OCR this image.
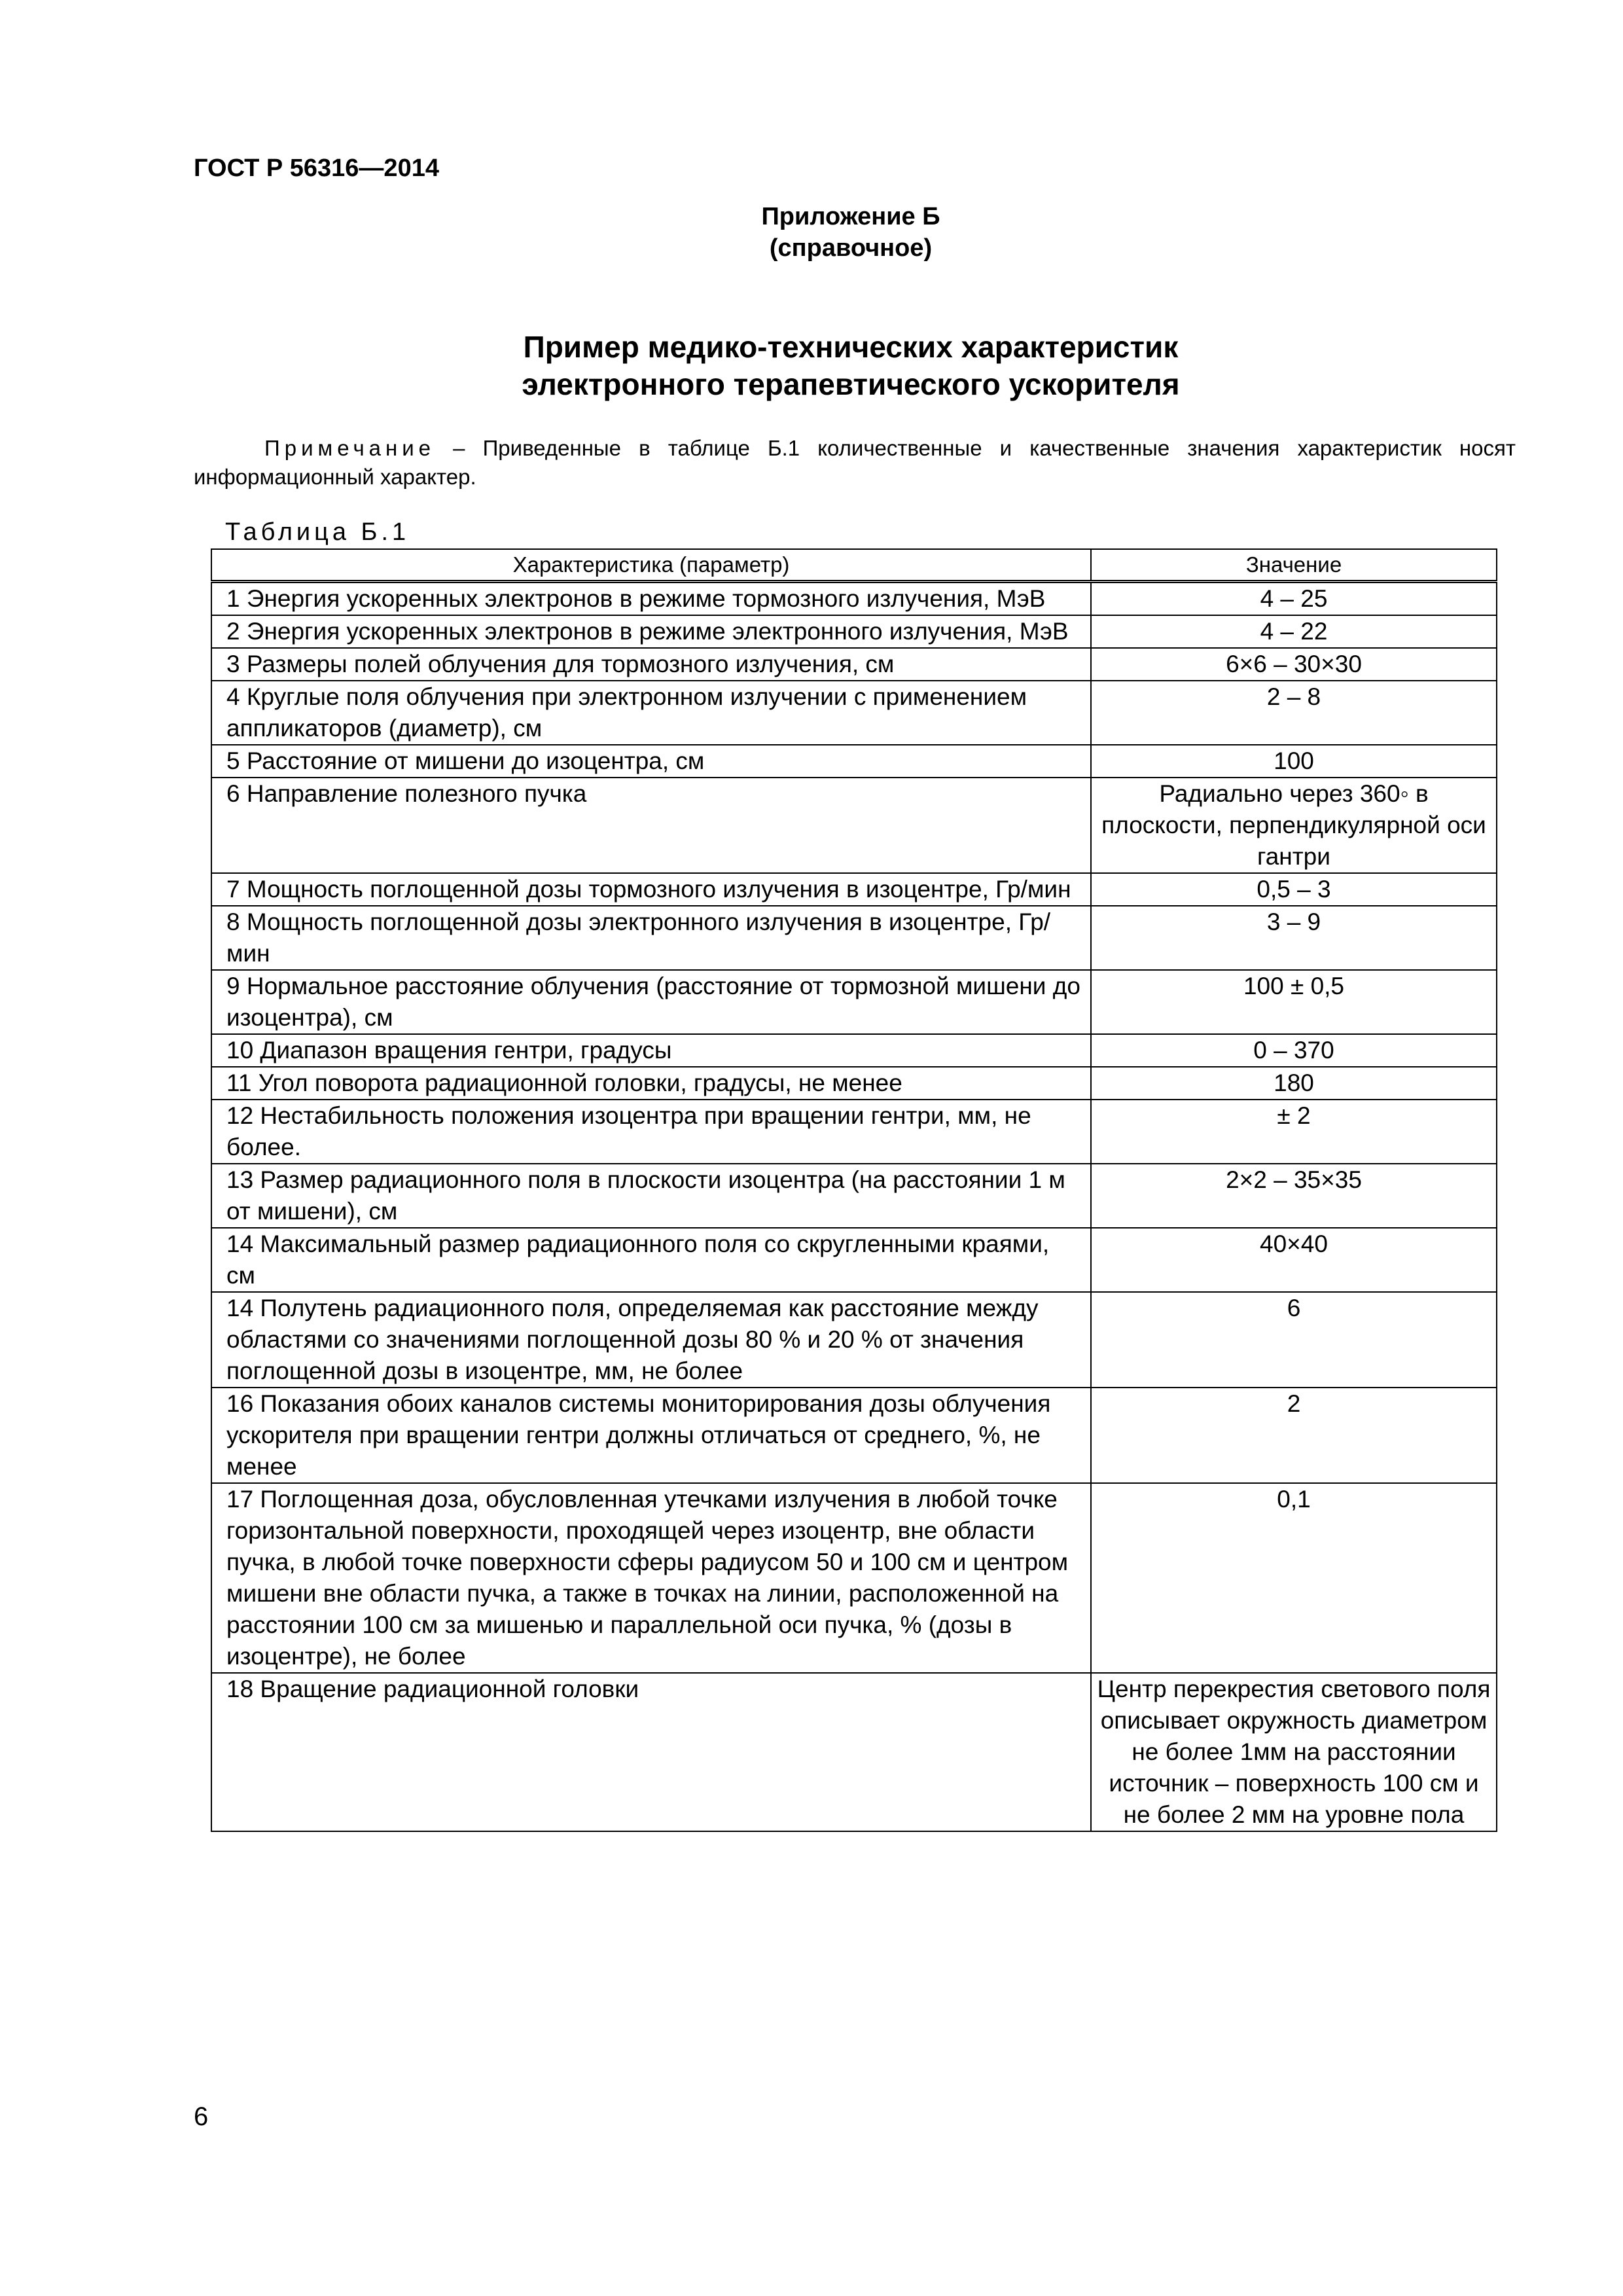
ГОСТ Р 56316—2014
Приложение Б
(справочное)
Пример медико-технических характеристик
электронного терапевтического ускорителя
Примечание – Приведенные в таблице Б.1 количественные и качественные значения характеристик носят информационный характер.
Таблица Б.1
Характеристика (параметр)	Значение
1 Энергия ускоренных электронов в режиме тормозного излучения, МэВ	4 – 25
2 Энергия ускоренных электронов в режиме электронного излучения, МэВ	4 – 22
3 Размеры полей облучения для тормозного излучения, см	6×6 – 30×30
4 Круглые поля облучения при электронном излучении с применением аппликаторов (диаметр), см	2 – 8
5 Расстояние от мишени до изоцентра, см	100
6 Направление полезного пучка	Радиально через 360◦ в плоскости, перпендикулярной оси гантри
7 Мощность поглощенной дозы тормозного излучения в изоцентре, Гр/мин	0,5 – 3
8 Мощность поглощенной дозы электронного излучения в изоцентре, Гр/мин	3 – 9
9 Нормальное расстояние облучения (расстояние от тормозной мишени до изоцентра), см	100 ± 0,5
10 Диапазон вращения гентри, градусы	0 – 370
11 Угол поворота радиационной головки, градусы, не менее	180
12 Нестабильность положения изоцентра при вращении гентри, мм, не более.	± 2
13 Размер радиационного поля в плоскости изоцентра (на расстоянии 1 м от мишени), см	2×2 – 35×35
14 Максимальный размер радиационного поля со скругленными краями, см	40×40
14 Полутень радиационного поля, определяемая как расстояние между областями со значениями поглощенной дозы 80 % и 20 % от значения поглощенной дозы в изоцентре, мм, не более	6
16 Показания обоих каналов системы мониторирования дозы облучения ускорителя при вращении гентри должны отличаться от среднего, %, не менее	2
17 Поглощенная доза, обусловленная утечками излучения в любой точке горизонтальной поверхности, проходящей через изоцентр, вне области пучка, в любой точке поверхности сферы радиусом 50 и 100 см и центром мишени вне области пучка, а также в точках на линии, расположенной на расстоянии 100 см за мишенью и параллельной оси пучка, % (дозы в изоцентре), не более	0,1
18 Вращение радиационной головки	Центр перекрестия светового поля описывает окружность диаметром не более 1мм на расстоянии источник – поверхность 100 см и не более 2 мм на уровне пола
6
